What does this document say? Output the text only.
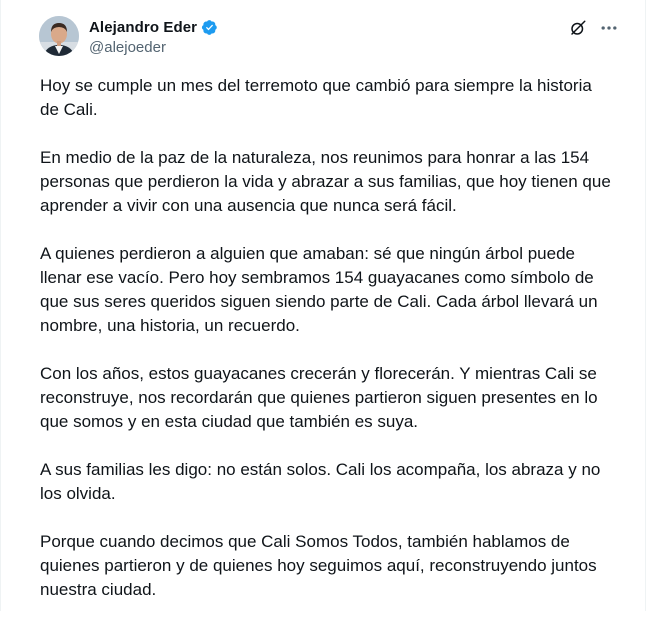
Alejandro Eder
@alejoeder

Hoy se cumple un mes del terremoto que cambió para siempre la historia de Cali.

En medio de la paz de la naturaleza, nos reunimos para honrar a las 154 personas que perdieron la vida y abrazar a sus familias, que hoy tienen que aprender a vivir con una ausencia que nunca será fácil.

A quienes perdieron a alguien que amaban: sé que ningún árbol puede llenar ese vacío. Pero hoy sembramos 154 guayacanes como símbolo de que sus seres queridos siguen siendo parte de Cali. Cada árbol llevará un nombre, una historia, un recuerdo.

Con los años, estos guayacanes crecerán y florecerán. Y mientras Cali se reconstruye, nos recordarán que quienes partieron siguen presentes en lo que somos y en esta ciudad que también es suya.

A sus familias les digo: no están solos. Cali los acompaña, los abraza y no los olvida.

Porque cuando decimos que Cali Somos Todos, también hablamos de quienes partieron y de quienes hoy seguimos aquí, reconstruyendo juntos nuestra ciudad.
